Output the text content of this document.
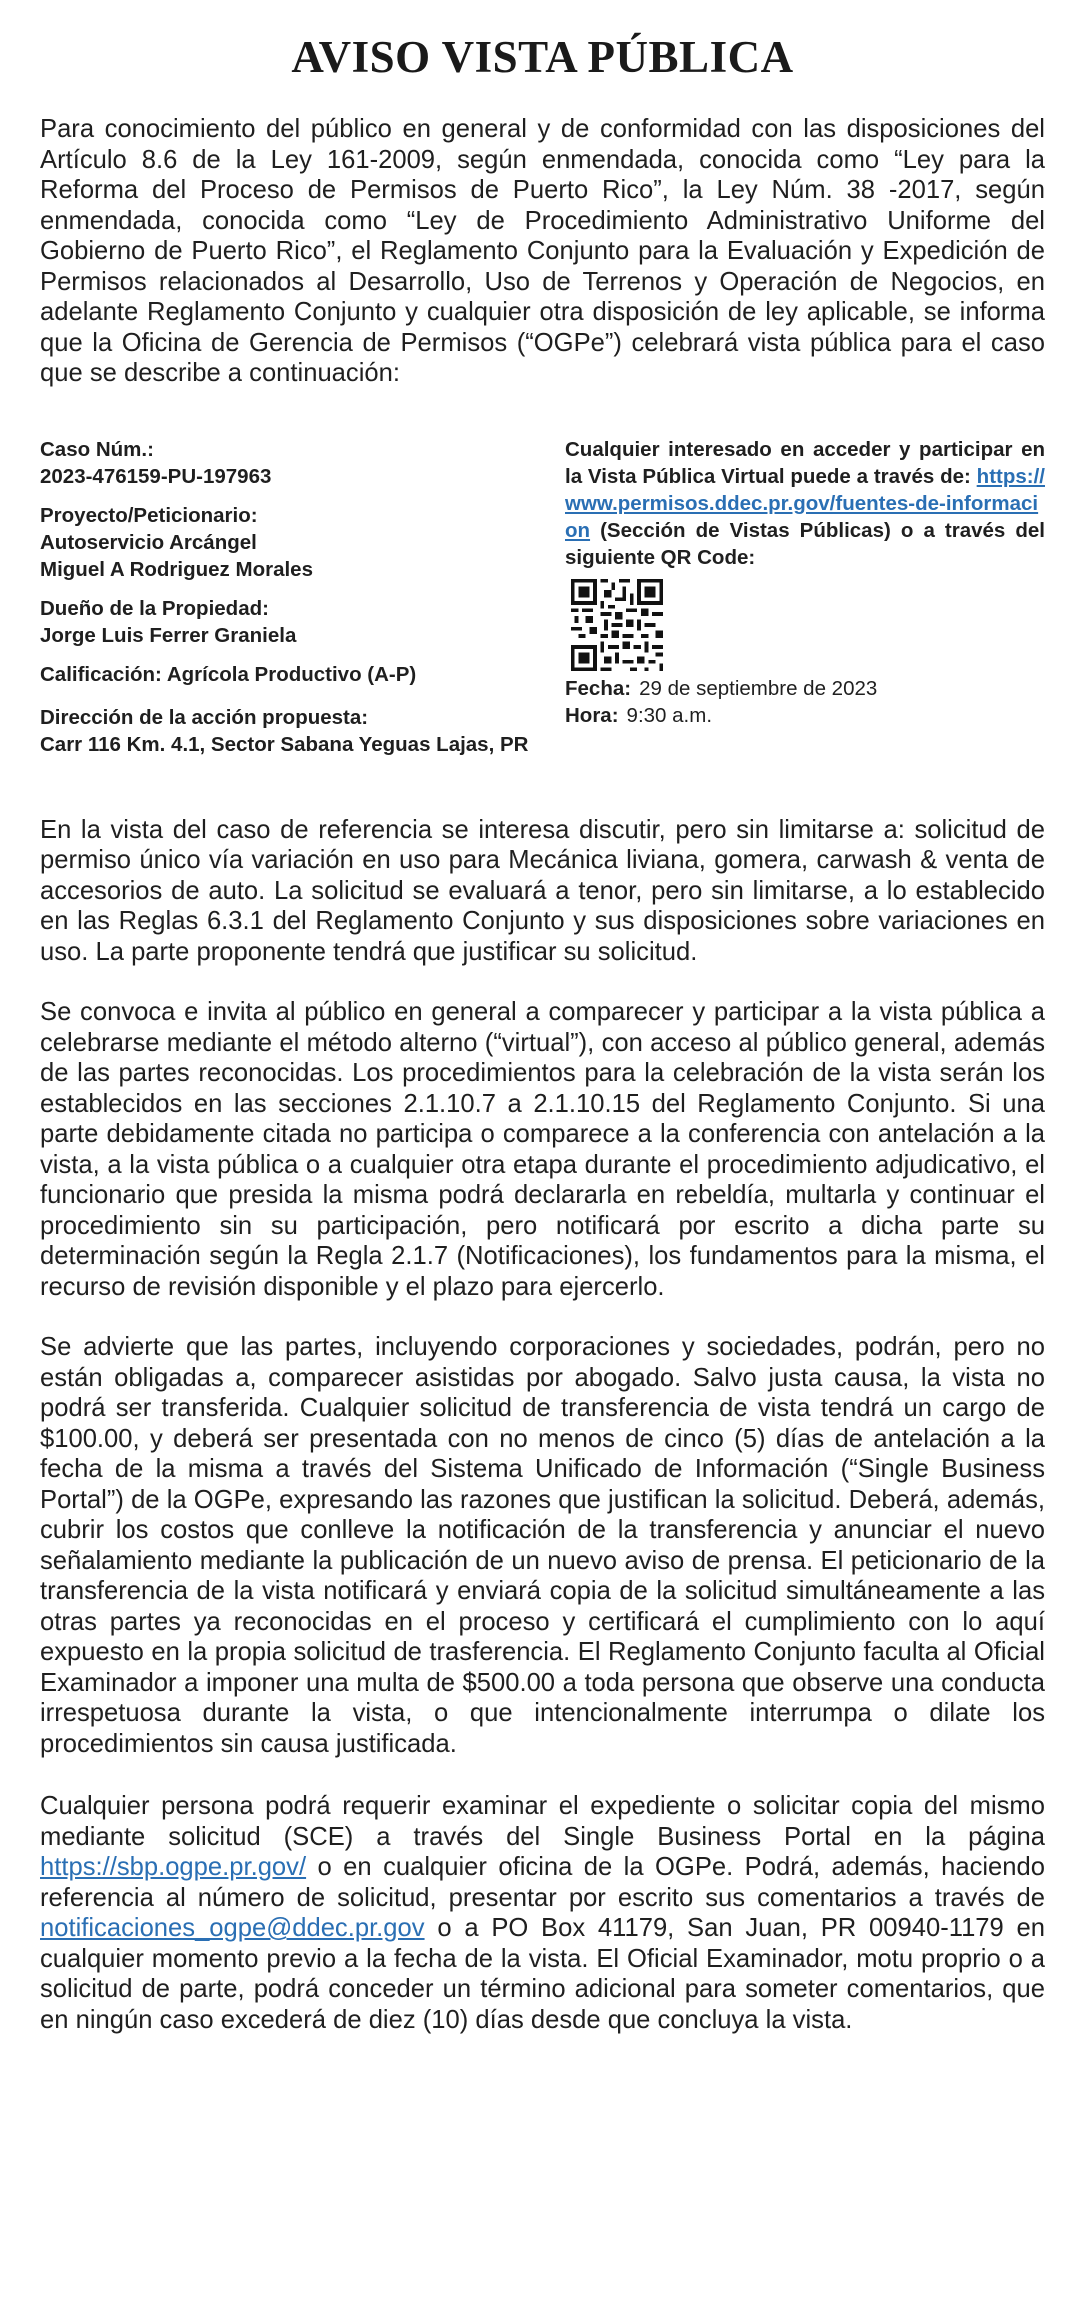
AVISO VISTA PÚBLICA

Para conocimiento del público en general y de conformidad con las disposiciones del Artículo 8.6 de la Ley 161-2009, según enmendada, conocida como “Ley para la Reforma del Proceso de Permisos de Puerto Rico”, la Ley Núm. 38 -2017, según enmendada, conocida como “Ley de Procedimiento Administrativo Uniforme del Gobierno de Puerto Rico”, el Reglamento Conjunto para la Evaluación y Expedición de Permisos relacionados al Desarrollo, Uso de Terrenos y Operación de Negocios, en adelante Reglamento Conjunto y cualquier otra disposición de ley aplicable, se informa que la Oficina de Gerencia de Permisos (“OGPe”) celebrará vista pública para el caso que se describe a continuación:

Caso Núm.:
2023-476159-PU-197963
Proyecto/Peticionario:
Autoservicio Arcángel
Miguel A Rodriguez Morales
Dueño de la Propiedad:
Jorge Luis Ferrer Graniela
Calificación: Agrícola Productivo (A-P)
Dirección de la acción propuesta:
Carr 116 Km. 4.1, Sector Sabana Yeguas Lajas, PR
Cualquier interesado en acceder y participar en la Vista Pública Virtual puede a través de: https://www.permisos.ddec.pr.gov/fuentes-de-informacion (Sección de Vistas Públicas) o a través del siguiente QR Code:
Fecha: 29 de septiembre de 2023
Hora: 9:30 a.m.

En la vista del caso de referencia se interesa discutir, pero sin limitarse a: solicitud de permiso único vía variación en uso para Mecánica liviana, gomera, carwash & venta de accesorios de auto. La solicitud se evaluará a tenor, pero sin limitarse, a lo establecido en las Reglas 6.3.1 del Reglamento Conjunto y sus disposiciones sobre variaciones en uso. La parte proponente tendrá que justificar su solicitud.

Se convoca e invita al público en general a comparecer y participar a la vista pública a celebrarse mediante el método alterno (“virtual”), con acceso al público general, además de las partes reconocidas. Los procedimientos para la celebración de la vista serán los establecidos en las secciones 2.1.10.7 a 2.1.10.15 del Reglamento Conjunto. Si una parte debidamente citada no participa o comparece a la conferencia con antelación a la vista, a la vista pública o a cualquier otra etapa durante el procedimiento adjudicativo, el funcionario que presida la misma podrá declararla en rebeldía, multarla y continuar el procedimiento sin su participación, pero notificará por escrito a dicha parte su determinación según la Regla 2.1.7 (Notificaciones), los fundamentos para la misma, el recurso de revisión disponible y el plazo para ejercerlo.

Se advierte que las partes, incluyendo corporaciones y sociedades, podrán, pero no están obligadas a, comparecer asistidas por abogado. Salvo justa causa, la vista no podrá ser transferida. Cualquier solicitud de transferencia de vista tendrá un cargo de $100.00, y deberá ser presentada con no menos de cinco (5) días de antelación a la fecha de la misma a través del Sistema Unificado de Información (“Single Business Portal”) de la OGPe, expresando las razones que justifican la solicitud. Deberá, además, cubrir los costos que conlleve la notificación de la transferencia y anunciar el nuevo señalamiento mediante la publicación de un nuevo aviso de prensa. El peticionario de la transferencia de la vista notificará y enviará copia de la solicitud simultáneamente a las otras partes ya reconocidas en el proceso y certificará el cumplimiento con lo aquí expuesto en la propia solicitud de trasferencia. El Reglamento Conjunto faculta al Oficial Examinador a imponer una multa de $500.00 a toda persona que observe una conducta irrespetuosa durante la vista, o que intencionalmente interrumpa o dilate los procedimientos sin causa justificada.

Cualquier persona podrá requerir examinar el expediente o solicitar copia del mismo mediante solicitud (SCE) a través del Single Business Portal en la página https://sbp.ogpe.pr.gov/ o en cualquier oficina de la OGPe. Podrá, además, haciendo referencia al número de solicitud, presentar por escrito sus comentarios a través de notificaciones_ogpe@ddec.pr.gov o a PO Box 41179, San Juan, PR 00940-1179 en cualquier momento previo a la fecha de la vista. El Oficial Examinador, motu proprio o a solicitud de parte, podrá conceder un término adicional para someter comentarios, que en ningún caso excederá de diez (10) días desde que concluya la vista.
